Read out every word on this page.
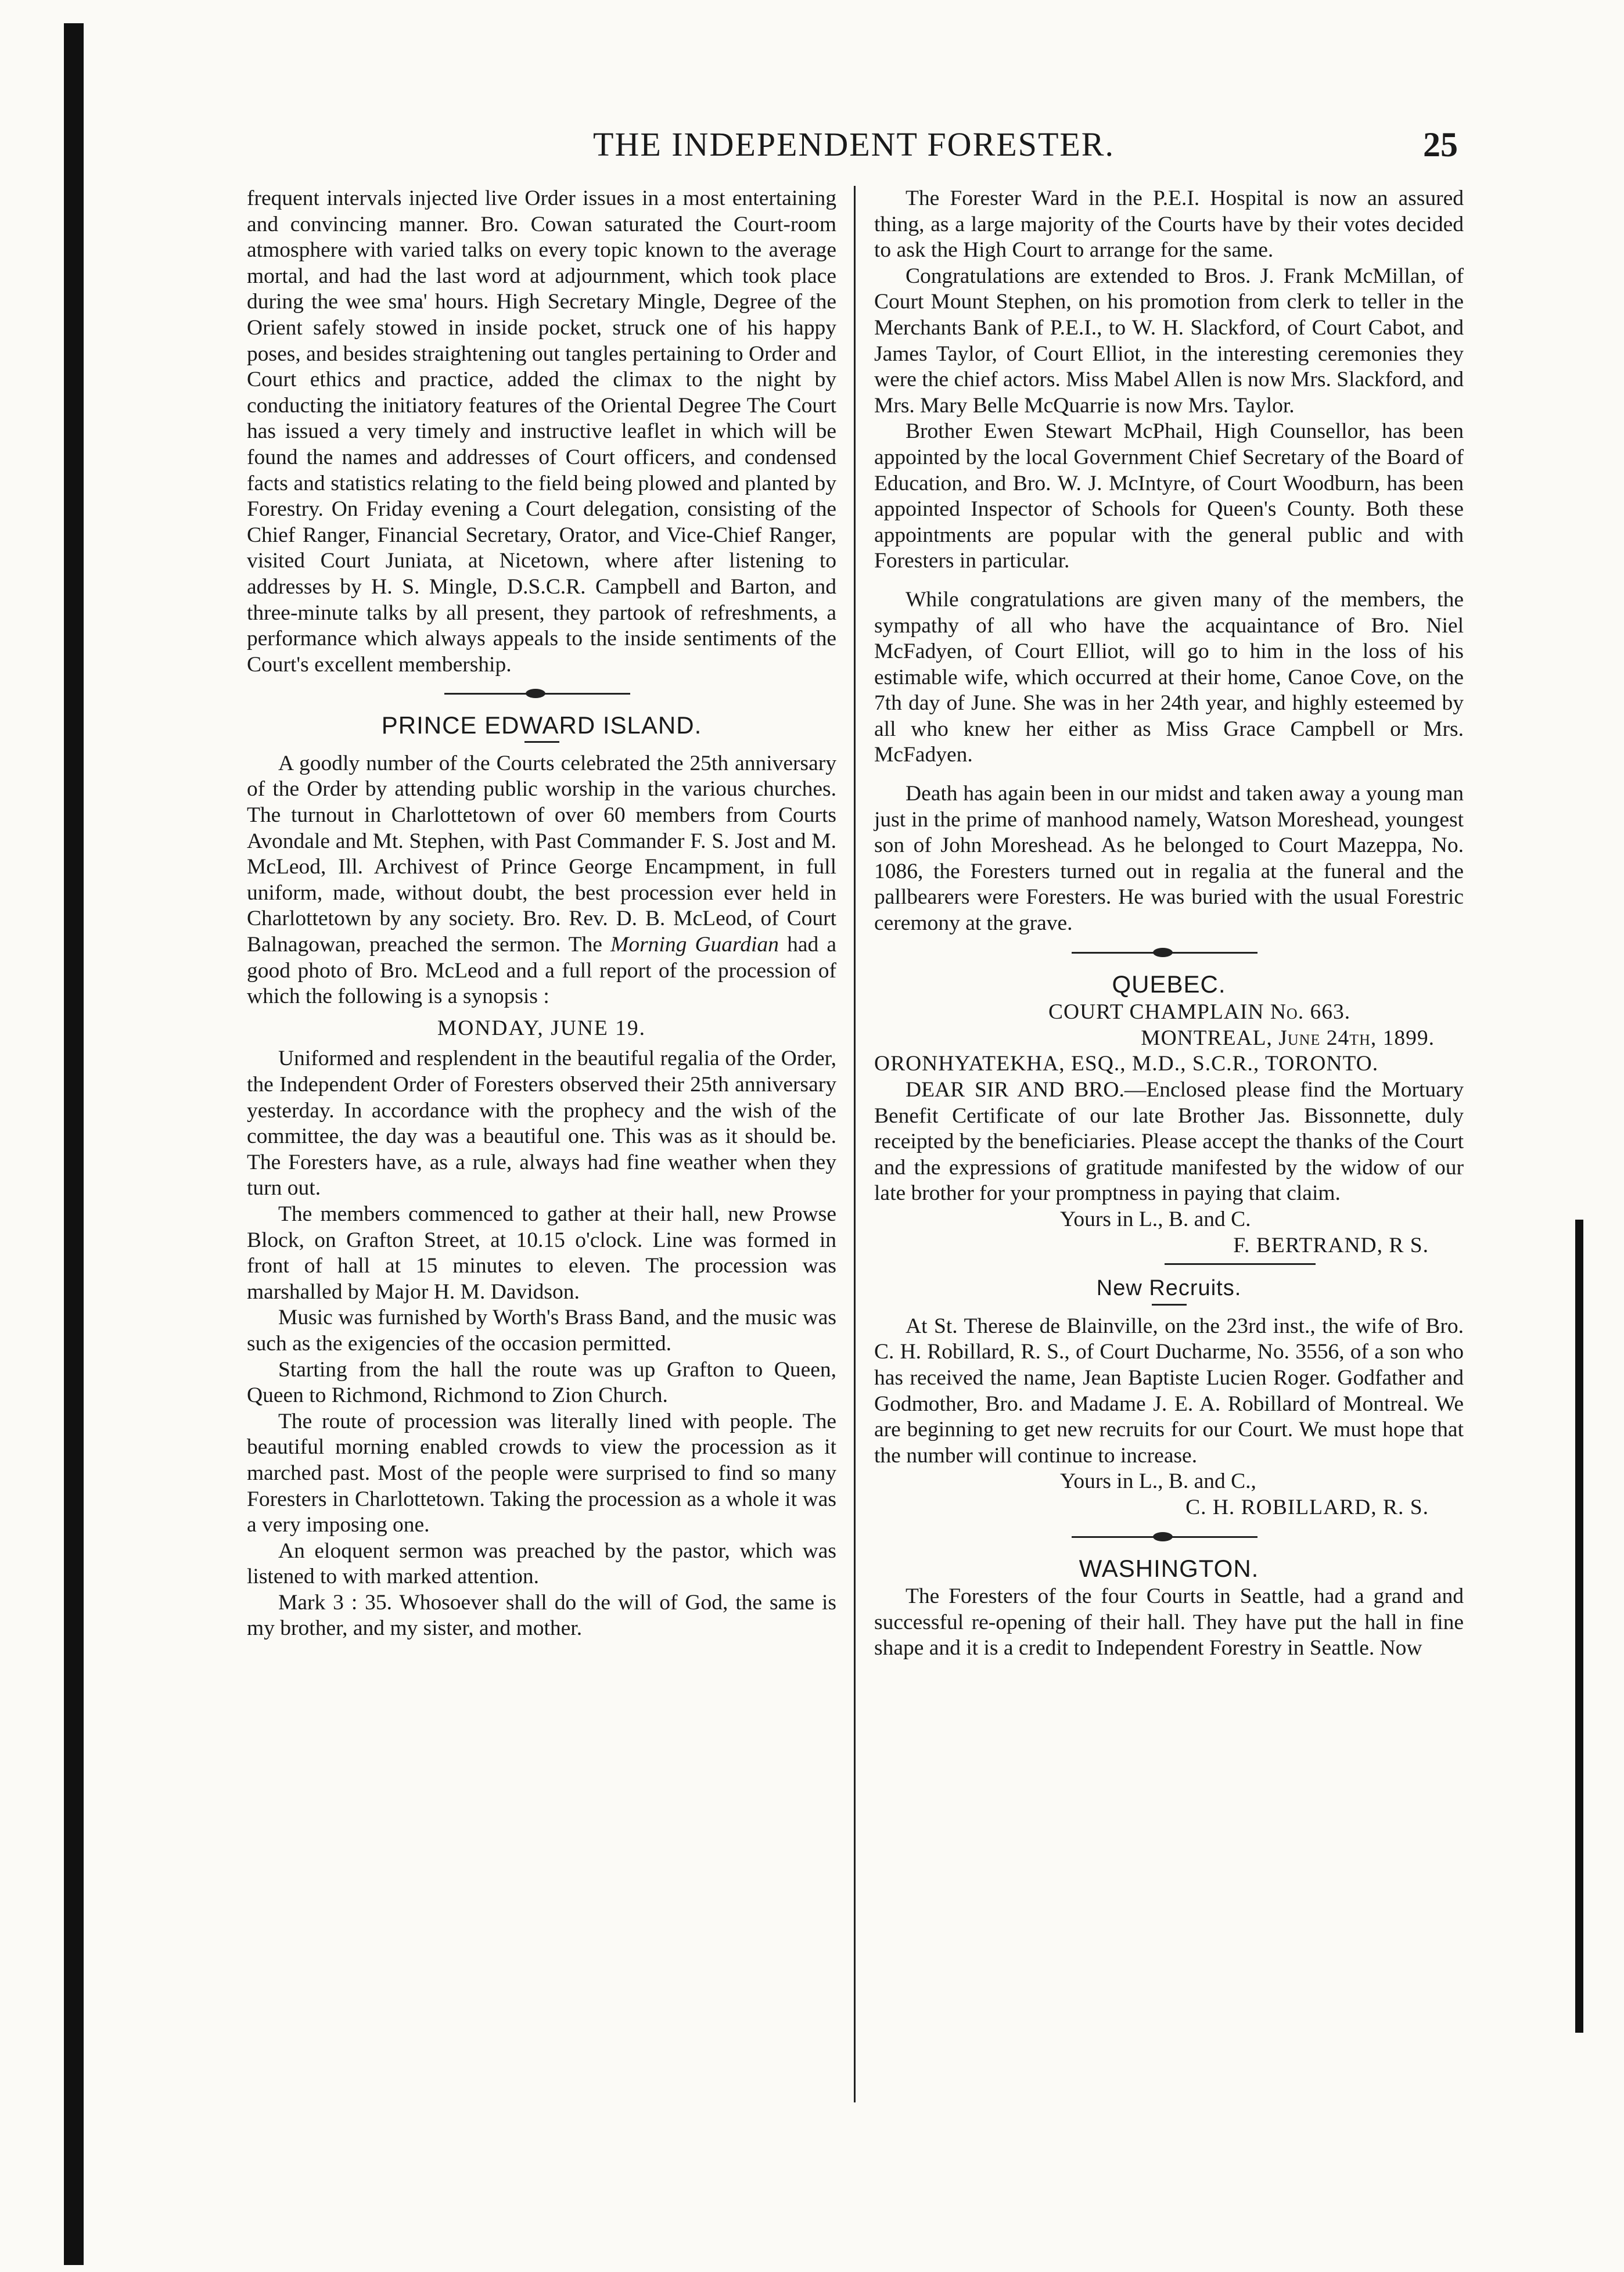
THE INDEPENDENT FORESTER.	25

frequent intervals injected live Order issues in a most entertaining and convincing manner. Bro. Cowan saturated the Court-room atmosphere with varied talks on every topic known to the average mortal, and had the last word at adjournment, which took place during the wee sma' hours. High Secretary Mingle, Degree of the Orient safely stowed in inside pocket, struck one of his happy poses, and besides straightening out tangles pertaining to Order and Court ethics and practice, added the climax to the night by conducting the initiatory features of the Oriental Degree The Court has issued a very timely and instructive leaflet in which will be found the names and addresses of Court officers, and condensed facts and statistics relating to the field being plowed and planted by Forestry. On Friday evening a Court delegation, consisting of the Chief Ranger, Financial Secretary, Orator, and Vice-Chief Ranger, visited Court Juniata, at Nicetown, where after listening to addresses by H. S. Mingle, D.S.C.R. Campbell and Barton, and three-minute talks by all present, they partook of refreshments, a performance which always appeals to the inside sentiments of the Court's excellent membership.

PRINCE EDWARD ISLAND.

A goodly number of the Courts celebrated the 25th anniversary of the Order by attending public worship in the various churches. The turnout in Charlottetown of over 60 members from Courts Avondale and Mt. Stephen, with Past Commander F. S. Jost and M. McLeod, Ill. Archivest of Prince George Encampment, in full uniform, made, without doubt, the best procession ever held in Charlottetown by any society. Bro. Rev. D. B. McLeod, of Court Balnagowan, preached the sermon. The Morning Guardian had a good photo of Bro. McLeod and a full report of the procession of which the following is a synopsis :

MONDAY, JUNE 19.

Uniformed and resplendent in the beautiful regalia of the Order, the Independent Order of Foresters observed their 25th anniversary yesterday. In accordance with the prophecy and the wish of the committee, the day was a beautiful one. This was as it should be. The Foresters have, as a rule, always had fine weather when they turn out.

The members commenced to gather at their hall, new Prowse Block, on Grafton Street, at 10.15 o'clock. Line was formed in front of hall at 15 minutes to eleven. The procession was marshalled by Major H. M. Davidson.

Music was furnished by Worth's Brass Band, and the music was such as the exigencies of the occasion permitted.

Starting from the hall the route was up Grafton to Queen, Queen to Richmond, Richmond to Zion Church.

The route of procession was literally lined with people. The beautiful morning enabled crowds to view the procession as it marched past. Most of the people were surprised to find so many Foresters in Charlottetown. Taking the procession as a whole it was a very imposing one.

An eloquent sermon was preached by the pastor, which was listened to with marked attention.

Mark 3 : 35. Whosoever shall do the will of God, the same is my brother, and my sister, and mother.

The Forester Ward in the P.E.I. Hospital is now an assured thing, as a large majority of the Courts have by their votes decided to ask the High Court to arrange for the same.

Congratulations are extended to Bros. J. Frank McMillan, of Court Mount Stephen, on his promotion from clerk to teller in the Merchants Bank of P.E.I., to W. H. Slackford, of Court Cabot, and James Taylor, of Court Elliot, in the interesting ceremonies they were the chief actors. Miss Mabel Allen is now Mrs. Slackford, and Mrs. Mary Belle McQuarrie is now Mrs. Taylor.

Brother Ewen Stewart McPhail, High Counsellor, has been appointed by the local Government Chief Secretary of the Board of Education, and Bro. W. J. McIntyre, of Court Woodburn, has been appointed Inspector of Schools for Queen's County. Both these appointments are popular with the general public and with Foresters in particular.

While congratulations are given many of the members, the sympathy of all who have the acquaintance of Bro. Niel McFadyen, of Court Elliot, will go to him in the loss of his estimable wife, which occurred at their home, Canoe Cove, on the 7th day of June. She was in her 24th year, and highly esteemed by all who knew her either as Miss Grace Campbell or Mrs. McFadyen.

Death has again been in our midst and taken away a young man just in the prime of manhood namely, Watson Moreshead, youngest son of John Moreshead. As he belonged to Court Mazeppa, No. 1086, the Foresters turned out in regalia at the funeral and the pallbearers were Foresters. He was buried with the usual Forestric ceremony at the grave.

QUEBEC.
COURT CHAMPLAIN No. 663.
MONTREAL, June 24th, 1899.
ORONHYATEKHA, ESQ., M.D., S.C.R., TORONTO.

DEAR SIR AND BRO.—Enclosed please find the Mortuary Benefit Certificate of our late Brother Jas. Bissonnette, duly receipted by the beneficiaries. Please accept the thanks of the Court and the expressions of gratitude manifested by the widow of our late brother for your promptness in paying that claim.

Yours in L., B. and C.
F. BERTRAND, R S.
New Recruits.

At St. Therese de Blainville, on the 23rd inst., the wife of Bro. C. H. Robillard, R. S., of Court Ducharme, No. 3556, of a son who has received the name, Jean Baptiste Lucien Roger. Godfather and Godmother, Bro. and Madame J. E. A. Robillard of Montreal. We are beginning to get new recruits for our Court. We must hope that the number will continue to increase.

Yours in L., B. and C.,
C. H. ROBILLARD, R. S.
WASHINGTON.

The Foresters of the four Courts in Seattle, had a grand and successful re-opening of their hall. They have put the hall in fine shape and it is a credit to Independent Forestry in Seattle. Now
